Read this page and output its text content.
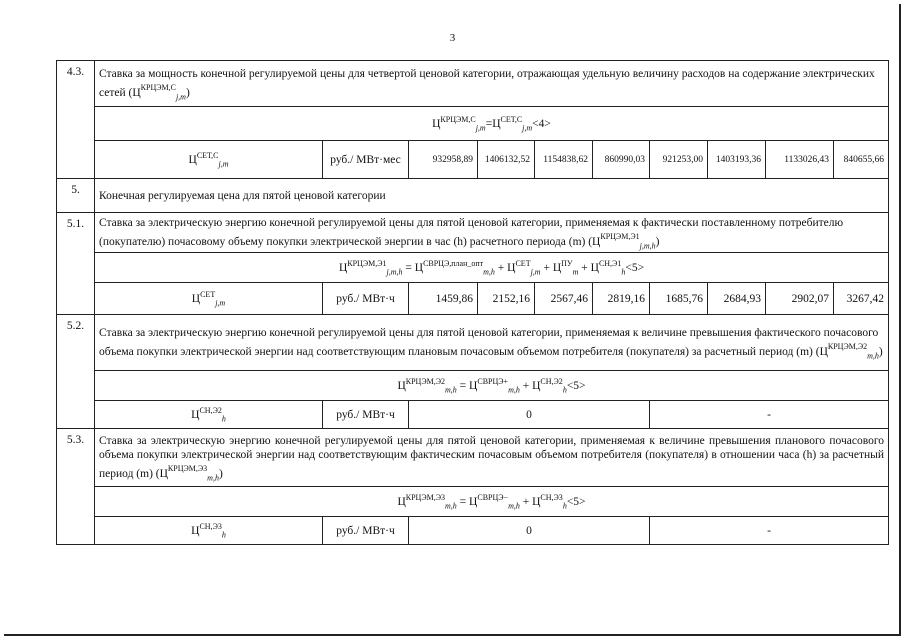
3
4.3.	Ставка за мощность конечной регулируемой цены для четвертой ценовой категории, отражающая удельную величину расходов на содержание электрических сетей $(Ц^{КРЦЭМ,С}_{j,m})$									
	$Ц^{КРЦЭМ,С}_{j,m}=Ц^{СЕТ,С}_{j,m}<4>$									
	$Ц^{СЕТ,С}_{j,m}$	руб./ МВт·мес	932958,89	1406132,52	1154838,62	860990,03	921253,00	1403193,36	1133026,43	840655,66
5.	Конечная регулируемая цена для пятой ценовой категории									
5.1.	Ставка за электрическую энергию конечной регулируемой цены для пятой ценовой категории, применяемая к фактически поставленному потребителю (покупателю) почасовому объему покупки электрической энергии в час (h) расчетного периода (m) $(Ц^{КРЦЭМ,Э1}_{j,m,h})$									
	$Ц^{КРЦЭМ,Э1}_{j,m,h} = Ц^{СВРЦЭ,план\_опт}_{m,h} + Ц^{СЕТ}_{j,m} + Ц^{ПУ}_m + Ц^{СН,Э1}_h<5>$									
	$Ц^{СЕТ}_{j,m}$	руб./ МВт·ч	1459,86	2152,16	2567,46	2819,16	1685,76	2684,93	2902,07	3267,42
5.2.	Ставка за электрическую энергию конечной регулируемой цены для пятой ценовой категории, применяемая к величине превышения фактического почасового объема покупки электрической энергии над соответствующим плановым почасовым объемом потребителя (покупателя) за расчетный период (m) $(Ц^{КРЦЭМ,Э2}_{m,h})$									
	$Ц^{КРЦЭМ,Э2}_{m,h} = Ц^{СВРЦЭ+}_{m,h} + Ц^{СН,Э2}_h<5>$									
	$Ц^{СН,Э2}_h$	руб./ МВт·ч	0				-			
5.3.	Ставка за электрическую энергию конечной регулируемой цены для пятой ценовой категории, применяемая к величине превышения планового почасового объема покупки электрической энергии над соответствующим фактическим почасовым объемом потребителя (покупателя) в отношении часа (h) за расчетный период (m) $(Ц^{КРЦЭМ,Э3}_{m,h})$									
	$Ц^{КРЦЭМ,Э3}_{m,h} = Ц^{СВРЦЭ-}_{m,h} + Ц^{СН,Э3}_h<5>$									
	$Ц^{СН,Э3}_h$	руб./ МВт·ч	0				-			
